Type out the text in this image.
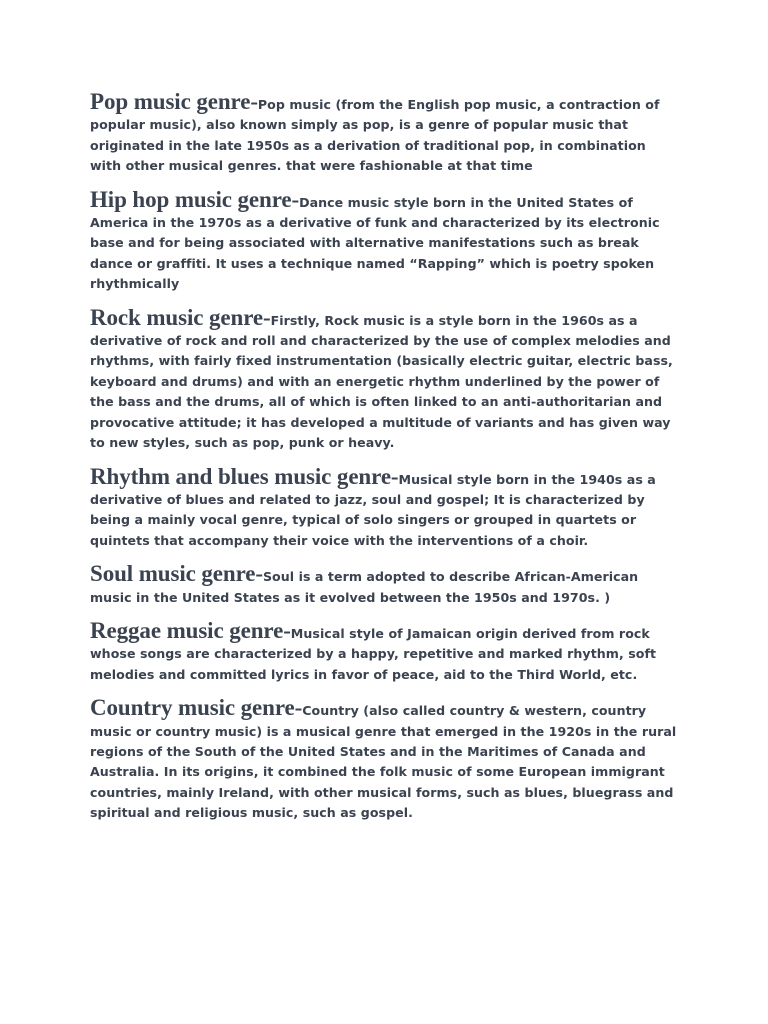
Pop music genre-Pop music (from the English pop music, a contraction of popular music), also known simply as pop, is a genre of popular music that originated in the late 1950s as a derivation of traditional pop, in combination with other musical genres. that were fashionable at that time

Hip hop music genre-Dance music style born in the United States of America in the 1970s as a derivative of funk and characterized by its electronic base and for being associated with alternative manifestations such as break dance or graffiti. It uses a technique named “Rapping” which is poetry spoken rhythmically

Rock music genre-Firstly, Rock music is a style born in the 1960s as a derivative of rock and roll and characterized by the use of complex melodies and rhythms, with fairly fixed instrumentation (basically electric guitar, electric bass, keyboard and drums) and with an energetic rhythm underlined by the power of the bass and the drums, all of which is often linked to an anti-authoritarian and provocative attitude; it has developed a multitude of variants and has given way to new styles, such as pop, punk or heavy.

Rhythm and blues music genre-Musical style born in the 1940s as a derivative of blues and related to jazz, soul and gospel; It is characterized by being a mainly vocal genre, typical of solo singers or grouped in quartets or quintets that accompany their voice with the interventions of a choir.

Soul music genre-Soul is a term adopted to describe African-American music in the United States as it evolved between the 1950s and 1970s. )

Reggae music genre-Musical style of Jamaican origin derived from rock whose songs are characterized by a happy, repetitive and marked rhythm, soft melodies and committed lyrics in favor of peace, aid to the Third World, etc.

Country music genre-Country (also called country & western, country music or country music) is a musical genre that emerged in the 1920s in the rural regions of the South of the United States and in the Maritimes of Canada and Australia. In its origins, it combined the folk music of some European immigrant countries, mainly Ireland, with other musical forms, such as blues, bluegrass and spiritual and religious music, such as gospel.
